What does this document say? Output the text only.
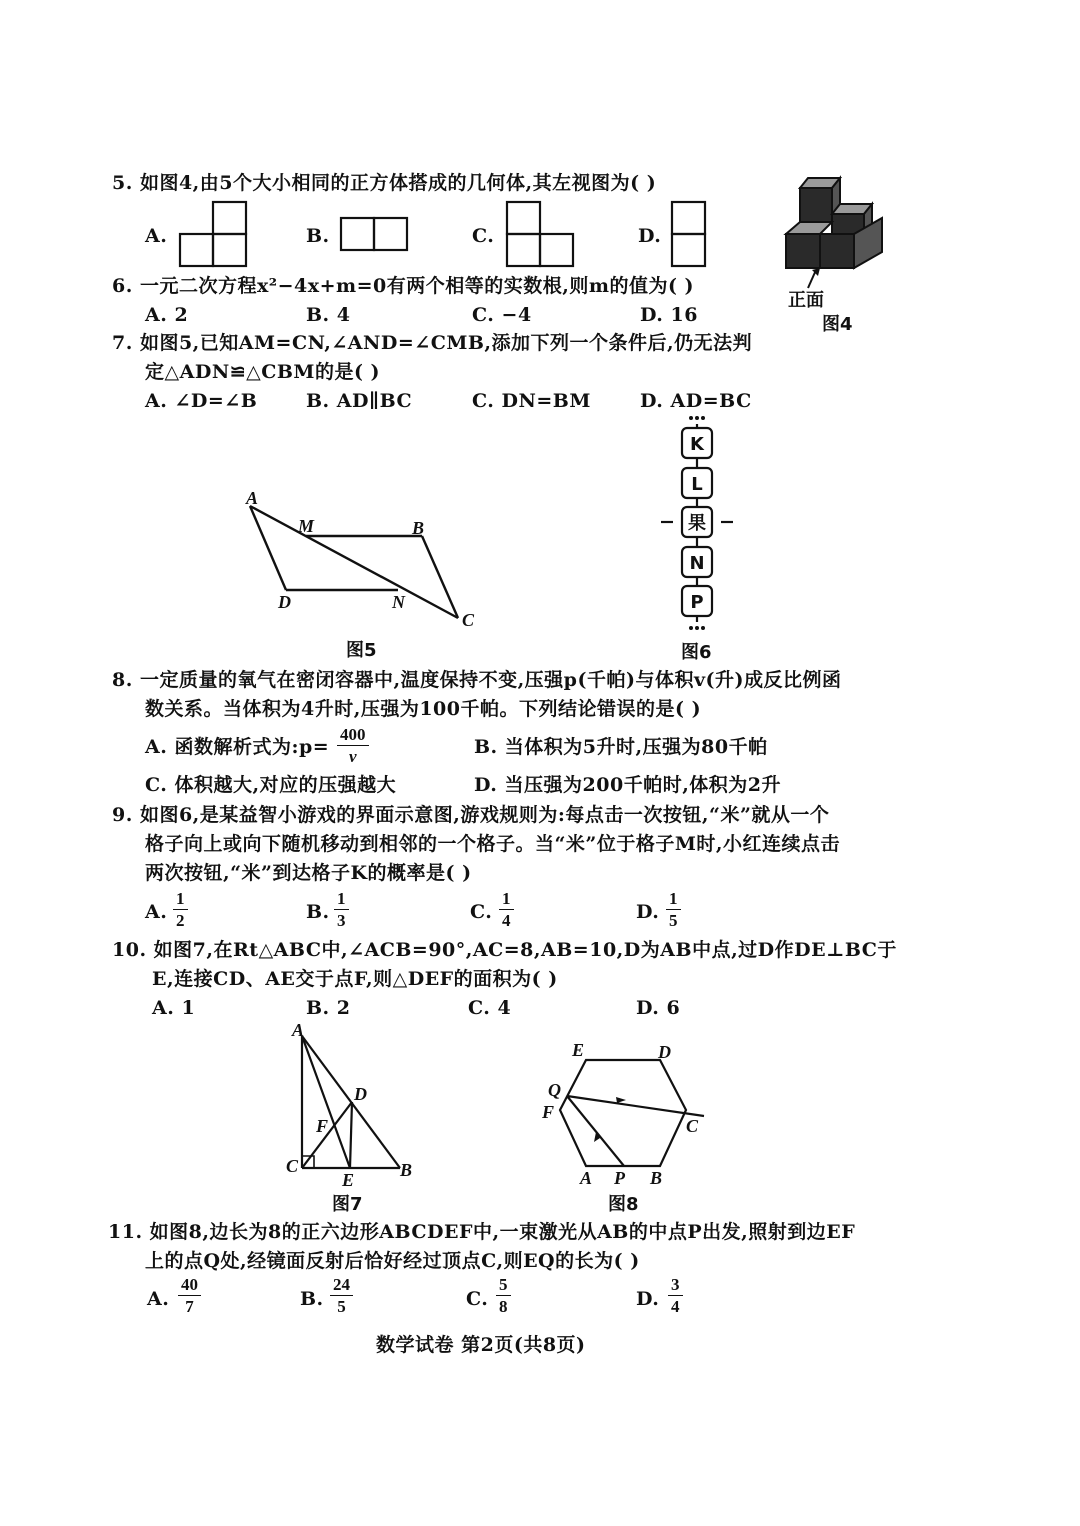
5. 如图4,由5个大小相同的正方体搭成的几何体,其左视图为( )
A.	B.	C.	D.
正面
图4
6. 一元二次方程x²−4x+m=0有两个相等的实数根,则m的值为( )
A. 2	B. 4	C. −4	D. 16
7. 如图5,已知AM=CN,∠AND=∠CMB,添加下列一个条件后,仍无法判
定△ADN≌△CBM的是( )
A. ∠D=∠B	B. AD∥BC	C. DN=BM	D. AD=BC
A
M	B
D	N
C
图5
K
L
果
N
P
图6
8. 一定质量的氧气在密闭容器中,温度保持不变,压强p(千帕)与体积v(升)成反比例函
数关系。当体积为4升时,压强为100千帕。下列结论错误的是( )
A. 函数解析式为:p= $\frac{400}{v}$	B. 当体积为5升时,压强为80千帕
C. 体积越大,对应的压强越大	D. 当压强为200千帕时,体积为2升
9. 如图6,是某益智小游戏的界面示意图,游戏规则为:每点击一次按钮,“米”就从一个
格子向上或向下随机移动到相邻的一个格子。当“米”位于格子M时,小红连续点击
两次按钮,“米”到达格子K的概率是( )
A. $\frac{1}{2}$	B. $\frac{1}{3}$	C. $\frac{1}{4}$	D. $\frac{1}{5}$
10. 如图7,在Rt△ABC中,∠ACB=90°,AC=8,AB=10,D为AB中点,过D作DE⊥BC于
E,连接CD、AE交于点F,则△DEF的面积为( )
A. 1	B. 2	C. 4	D. 6
A
D
F
C
E	B
图7
E	D
Q
F
C
A P B
图8
11. 如图8,边长为8的正六边形ABCDEF中,一束激光从AB的中点P出发,照射到边EF
上的点Q处,经镜面反射后恰好经过顶点C,则EQ的长为( )
A. $\frac{40}{7}$	B. $\frac{24}{5}$	C. $\frac{5}{8}$	D. $\frac{3}{4}$
数学试卷 第2页(共8页)
